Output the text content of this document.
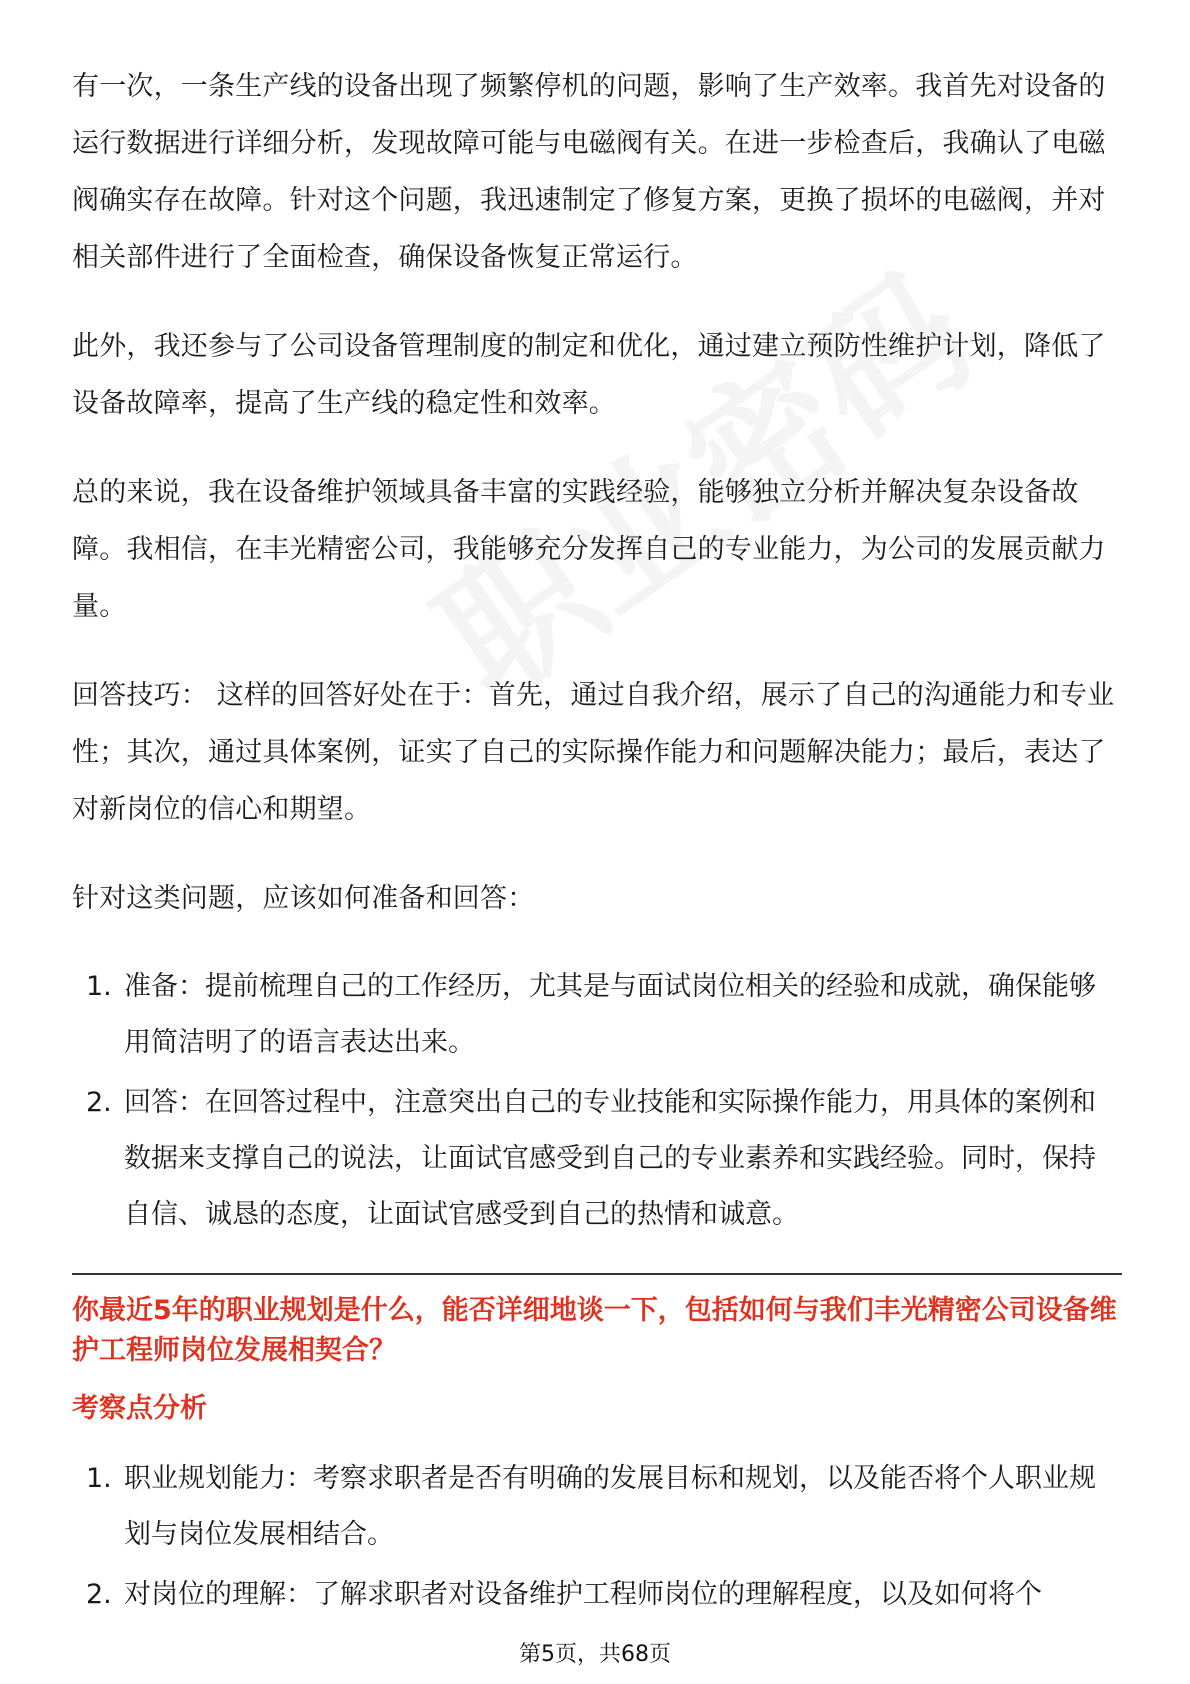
有一次，一条生产线的设备出现了频繁停机的问题，影响了生产效率。我首先对设备的运行数据进行详细分析，发现故障可能与电磁阀有关。在进一步检查后，我确认了电磁阀确实存在故障。针对这个问题，我迅速制定了修复方案，更换了损坏的电磁阀，并对相关部件进行了全面检查，确保设备恢复正常运行。

此外，我还参与了公司设备管理制度的制定和优化，通过建立预防性维护计划，降低了设备故障率，提高了生产线的稳定性和效率。

总的来说，我在设备维护领域具备丰富的实践经验，能够独立分析并解决复杂设备故障。我相信，在丰光精密公司，我能够充分发挥自己的专业能力，为公司的发展贡献力量。

回答技巧： 这样的回答好处在于：首先，通过自我介绍，展示了自己的沟通能力和专业性；其次，通过具体案例，证实了自己的实际操作能力和问题解决能力；最后，表达了对新岗位的信心和期望。

针对这类问题，应该如何准备和回答：

1. 准备：提前梳理自己的工作经历，尤其是与面试岗位相关的经验和成就，确保能够用简洁明了的语言表达出来。
2. 回答：在回答过程中，注意突出自己的专业技能和实际操作能力，用具体的案例和数据来支撑自己的说法，让面试官感受到自己的专业素养和实践经验。同时，保持自信、诚恳的态度，让面试官感受到自己的热情和诚意。
你最近5年的职业规划是什么，能否详细地谈一下，包括如何与我们丰光精密公司设备维护工程师岗位发展相契合？
考察点分析
1. 职业规划能力：考察求职者是否有明确的发展目标和规划，以及能否将个人职业规划与岗位发展相结合。
2. 对岗位的理解：了解求职者对设备维护工程师岗位的理解程度，以及如何将个
第5页，共68页
